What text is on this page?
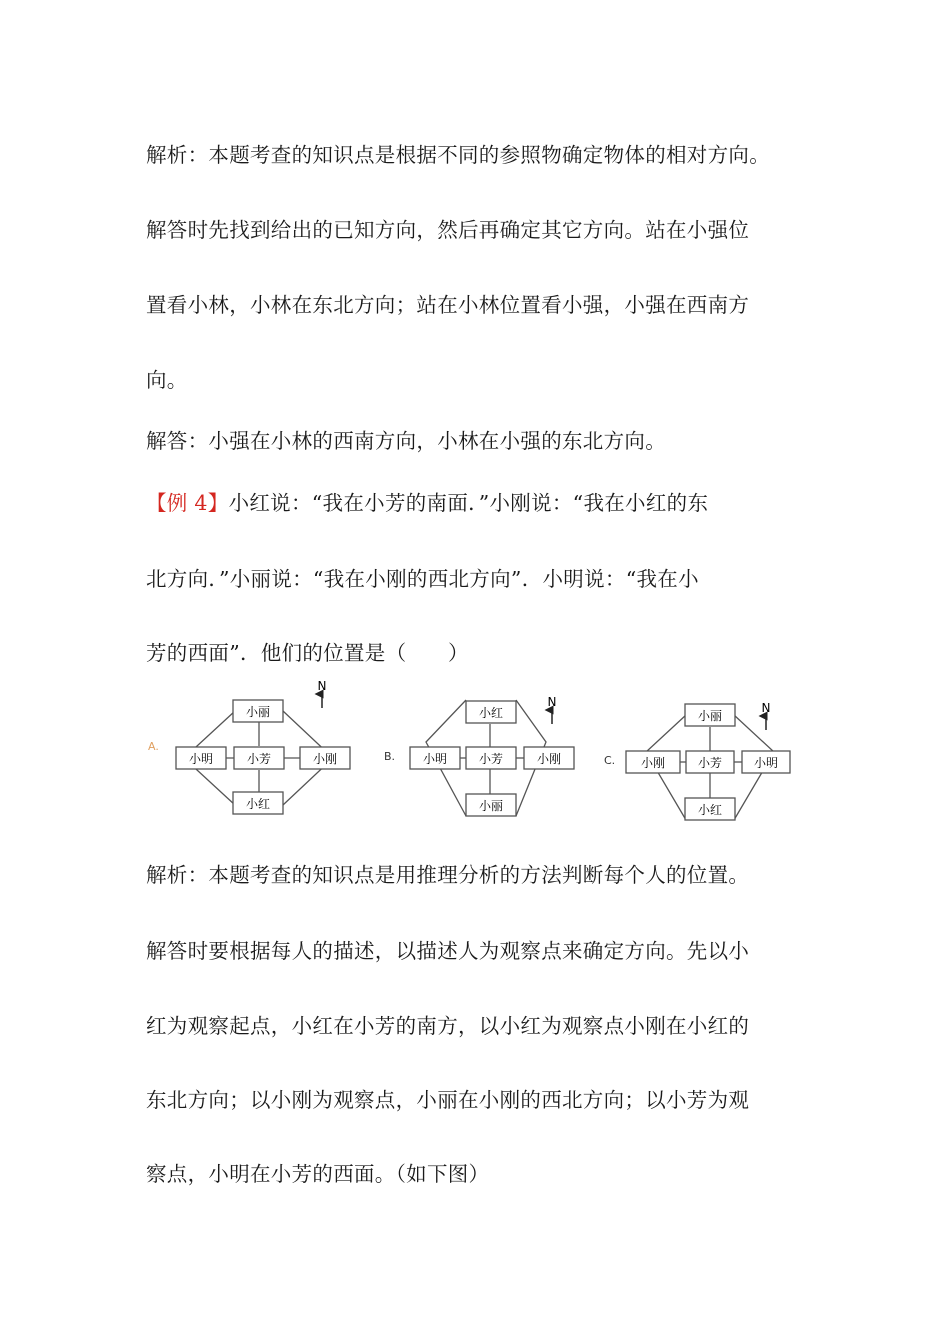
解析：本题考查的知识点是根据不同的参照物确定物体的相对方向。
解答时先找到给出的已知方向，然后再确定其它方向。站在小强位
置看小林，小林在东北方向；站在小林位置看小强，小强在西南方
向。
解答：小强在小林的西南方向，小林在小强的东北方向。
【例 4】小红说：“我在小芳的南面．”小刚说：“我在小红的东
北方向．”小丽说：“我在小刚的西北方向”．小明说：“我在小
芳的西面”．他们的位置是（　　）
A.
小丽
小明	小芳	小刚
小红
N
B.
小红
小明	小芳	小刚
小丽
N
C.
小丽
小刚	小芳	小明
小红
N
解析：本题考查的知识点是用推理分析的方法判断每个人的位置。
解答时要根据每人的描述，以描述人为观察点来确定方向。先以小
红为观察起点，小红在小芳的南方，以小红为观察点小刚在小红的
东北方向；以小刚为观察点，小丽在小刚的西北方向；以小芳为观
察点，小明在小芳的西面。（如下图）
